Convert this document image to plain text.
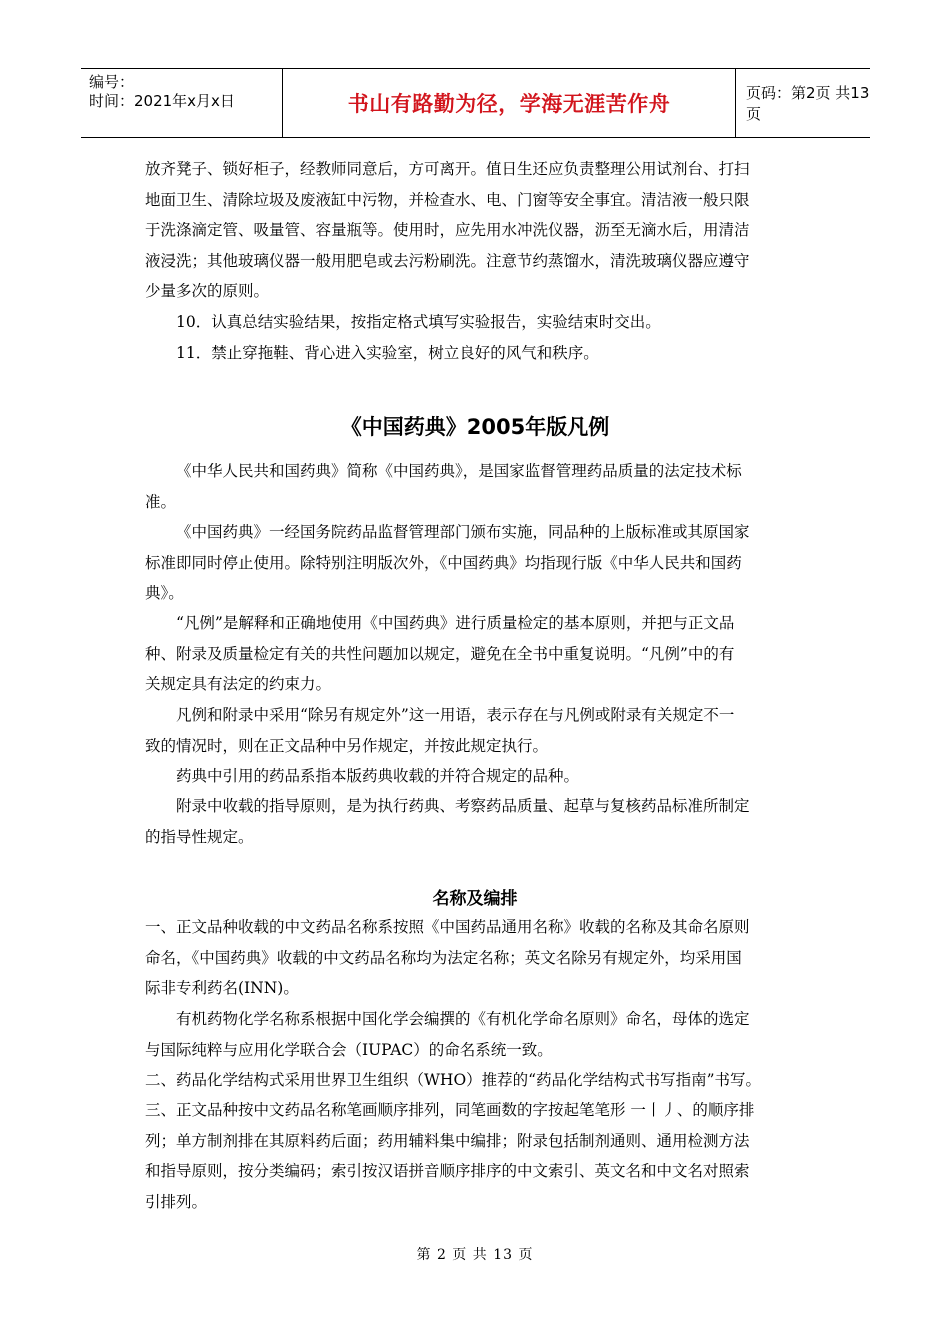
编号：
时间：2021年x月x日	书山有路勤为径，学海无涯苦作舟	页码：第2页 共13页
放齐凳子、锁好柜子，经教师同意后，方可离开。值日生还应负责整理公用试剂台、打扫
地面卫生、清除垃圾及废液缸中污物，并检查水、电、门窗等安全事宜。清洁液一般只限
于洗涤滴定管、吸量管、容量瓶等。使用时，应先用水冲洗仪器，沥至无滴水后，用清洁
液浸洗；其他玻璃仪器一般用肥皂或去污粉刷洗。注意节约蒸馏水，清洗玻璃仪器应遵守
少量多次的原则。
10．认真总结实验结果，按指定格式填写实验报告，实验结束时交出。
11．禁止穿拖鞋、背心进入实验室，树立良好的风气和秩序。
《中国药典》2005年版凡例
《中华人民共和国药典》简称《中国药典》，是国家监督管理药品质量的法定技术标
准。
《中国药典》一经国务院药品监督管理部门颁布实施，同品种的上版标准或其原国家
标准即同时停止使用。除特别注明版次外，《中国药典》均指现行版《中华人民共和国药
典》。
“凡例”是解释和正确地使用《中国药典》进行质量检定的基本原则，并把与正文品
种、附录及质量检定有关的共性问题加以规定，避免在全书中重复说明。“凡例”中的有
关规定具有法定的约束力。
凡例和附录中采用“除另有规定外”这一用语，表示存在与凡例或附录有关规定不一
致的情况时，则在正文品种中另作规定，并按此规定执行。
药典中引用的药品系指本版药典收载的并符合规定的品种。
附录中收载的指导原则，是为执行药典、考察药品质量、起草与复核药品标准所制定
的指导性规定。
名称及编排
一、正文品种收载的中文药品名称系按照《中国药品通用名称》收载的名称及其命名原则
命名，《中国药典》收载的中文药品名称均为法定名称；英文名除另有规定外，均采用国
际非专利药名(INN)。
有机药物化学名称系根据中国化学会编撰的《有机化学命名原则》命名，母体的选定
与国际纯粹与应用化学联合会（IUPAC）的命名系统一致。
二、药品化学结构式采用世界卫生组织（WHO）推荐的“药品化学结构式书写指南”书写。
三、正文品种按中文药品名称笔画顺序排列，同笔画数的字按起笔笔形 一丨丿、的顺序排
列；单方制剂排在其原料药后面；药用辅料集中编排；附录包括制剂通则、通用检测方法
和指导原则，按分类编码；索引按汉语拼音顺序排序的中文索引、英文名和中文名对照索
引排列。
第 2 页 共 13 页
